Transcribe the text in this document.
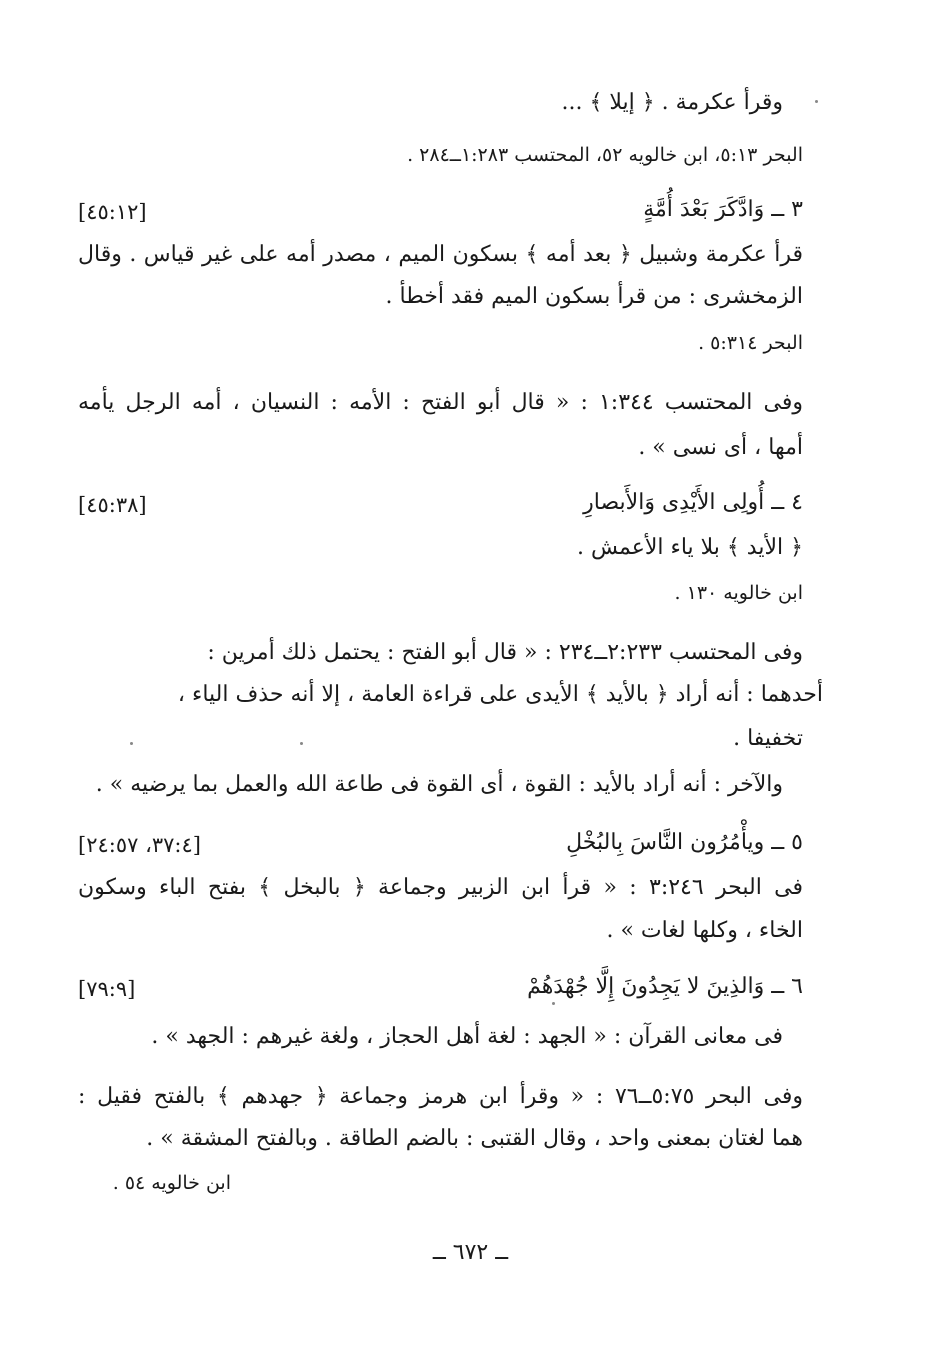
وقرأ عكرمة . ﴿ إيلا ﴾ ...
البحر ٥:١٣، ابن خالويه ٥٢، المحتسب ١:٢٨٣ــ٢٨٤ .
٣ ــ وَادَّكَرَ بَعْدَ أُمَّةٍ
[٤٥:١٢]
قرأ عكرمة وشبيل ﴿ بعد أمه ﴾ بسكون الميم ، مصدر أمه على غير قياس . وقال
الزمخشرى : من قرأ بسكون الميم فقد أخطأ .
البحر ٥:٣١٤ .
وفى المحتسب ١:٣٤٤ : « قال أبو الفتح : الأمه : النسيان ، أمه الرجل يأمه
أمها ، أى نسى » .
٤ ــ أُولِى الأَيْدِى وَالأَبصارِ
[٤٥:٣٨]
﴿ الأيد ﴾ بلا ياء الأعمش .
ابن خالويه ١٣٠ .
وفى المحتسب ٢:٢٣٣ــ٢٣٤ : « قال أبو الفتح : يحتمل ذلك أمرين :
أحدهما : أنه أراد ﴿ بالأيد ﴾ الأيدى على قراءة العامة ، إلا أنه حذف الياء ،
تخفيفا .
والآخر : أنه أراد بالأيد : القوة ، أى القوة فى طاعة الله والعمل بما يرضيه » .
٥ ــ ويأْمُرُون النَّاسَ بِالبُخْلِ
[٣٧:٤، ٢٤:٥٧]
فى البحر ٣:٢٤٦ : « قرأ ابن الزبير وجماعة ﴿ بالبخل ﴾ بفتح الباء وسكون
الخاء ، وكلها لغات » .
٦ ــ وَالذِينَ لا يَجِدُونَ إِلَّا جُهْدَهُمْ
[٧٩:٩]
فى معانى القرآن : « الجهد : لغة أهل الحجاز ، ولغة غيرهم : الجهد » .
وفى البحر ٥:٧٥ــ٧٦ : « وقرأ ابن هرمز وجماعة ﴿ جهدهم ﴾ بالفتح فقيل :
هما لغتان بمعنى واحد ، وقال القتبى : بالضم الطاقة . وبالفتح المشقة » .
ابن خالويه ٥٤ .
ــ ٦٧٢ ــ
